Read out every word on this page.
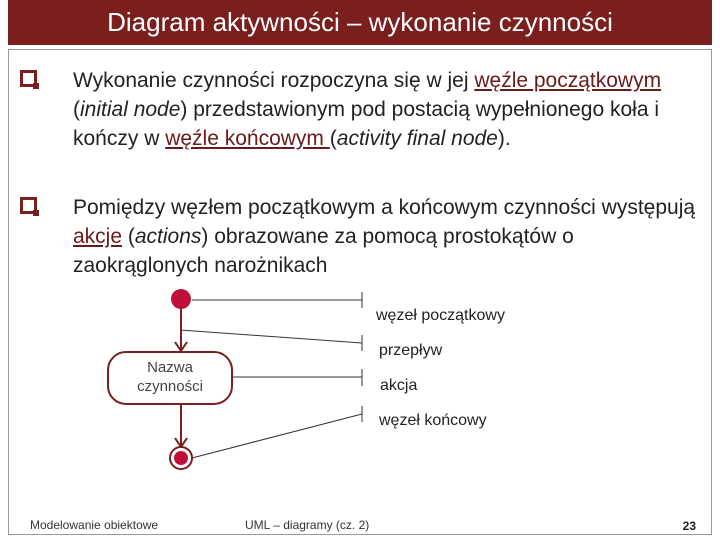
Diagram aktywności – wykonanie czynności
Wykonanie czynności rozpoczyna się w jej węźle początkowym (initial node) przedstawionym pod postacią wypełnionego koła i kończy w węźle końcowym (activity final node).
Pomiędzy węzłem początkowym a końcowym czynności występują akcje (actions) obrazowane za pomocą prostokątów o zaokrąglonych narożnikach
Nazwa
czynności
węzeł początkowy
przepływ
akcja
węzeł końcowy
Modelowanie obiektowe	UML – diagramy (cz. 2)	23
